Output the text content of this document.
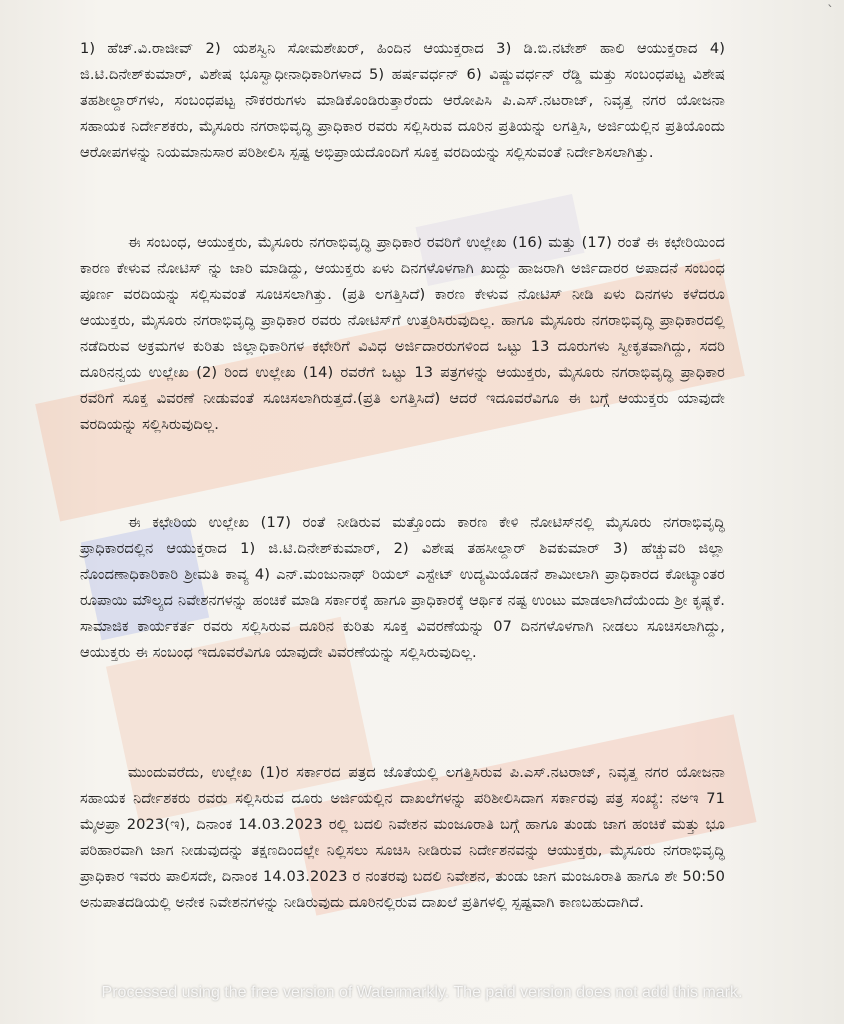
ˋ
1) ಹೆಚ್.ವಿ.ರಾಜೀವ್ 2) ಯಶಸ್ವಿನಿ ಸೋಮಶೇಖರ್, ಹಿಂದಿನ ಆಯುಕ್ತರಾದ 3) ಡಿ.ಬಿ.ನಟೇಶ್ ಹಾಲಿ ಆಯುಕ್ತರಾದ 4) ಜಿ.ಟಿ.ದಿನೇಶ್‌ಕುಮಾರ್, ವಿಶೇಷ ಭೂಸ್ವಾಧೀನಾಧಿಕಾರಿಗಳಾದ 5) ಹರ್ಷವರ್ಧನ್ 6) ವಿಷ್ಣುವರ್ಧನ್ ರೆಡ್ಡಿ ಮತ್ತು ಸಂಬಂಧಪಟ್ಟ ವಿಶೇಷ ತಹಶೀಲ್ದಾರ್‌ಗಳು, ಸಂಬಂಧಪಟ್ಟ ನೌಕರರುಗಳು ಮಾಡಿಕೊಂಡಿರುತ್ತಾರೆಂದು ಆರೋಪಿಸಿ ಪಿ.ಎಸ್.ನಟರಾಜ್, ನಿವೃತ್ತ ನಗರ ಯೋಜನಾ ಸಹಾಯಕ ನಿರ್ದೇಶಕರು, ಮೈಸೂರು ನಗರಾಭಿವೃದ್ಧಿ ಪ್ರಾಧಿಕಾರ ರವರು ಸಲ್ಲಿಸಿರುವ ದೂರಿನ ಪ್ರತಿಯನ್ನು ಲಗತ್ತಿಸಿ, ಅರ್ಜಿಯಲ್ಲಿನ ಪ್ರತಿಯೊಂದು ಆರೋಪಗಳನ್ನು ನಿಯಮಾನುಸಾರ ಪರಿಶೀಲಿಸಿ ಸ್ಪಷ್ಟ ಅಭಿಪ್ರಾಯದೊಂದಿಗೆ ಸೂಕ್ತ ವರದಿಯನ್ನು ಸಲ್ಲಿಸುವಂತೆ ನಿರ್ದೇಶಿಸಲಾಗಿತ್ತು.
ಈ ಸಂಬಂಧ, ಆಯುಕ್ತರು, ಮೈಸೂರು ನಗರಾಭಿವೃದ್ಧಿ ಪ್ರಾಧಿಕಾರ ರವರಿಗೆ ಉಲ್ಲೇಖ (16) ಮತ್ತು (17) ರಂತೆ ಈ ಕಛೇರಿಯಿಂದ ಕಾರಣ ಕೇಳುವ ನೋಟಿಸ್ ನ್ನು ಜಾರಿ ಮಾಡಿದ್ದು, ಆಯುಕ್ತರು ಏಳು ದಿನಗಳೊಳಗಾಗಿ ಖುದ್ದು ಹಾಜರಾಗಿ ಅರ್ಜಿದಾರರ ಅಪಾದನೆ ಸಂಬಂಧ ಪೂರ್ಣ ವರದಿಯನ್ನು ಸಲ್ಲಿಸುವಂತೆ ಸೂಚಿಸಲಾಗಿತ್ತು. (ಪ್ರತಿ ಲಗತ್ತಿಸಿದೆ) ಕಾರಣ ಕೇಳುವ ನೋಟಿಸ್ ನೀಡಿ ಏಳು ದಿನಗಳು ಕಳೆದರೂ ಆಯುಕ್ತರು, ಮೈಸೂರು ನಗರಾಭಿವೃದ್ಧಿ ಪ್ರಾಧಿಕಾರ ರವರು ನೋಟಿಸ್‌ಗೆ ಉತ್ತರಿಸಿರುವುದಿಲ್ಲ. ಹಾಗೂ ಮೈಸೂರು ನಗರಾಭಿವೃದ್ಧಿ ಪ್ರಾಧಿಕಾರದಲ್ಲಿ ನಡೆದಿರುವ ಅಕ್ರಮಗಳ ಕುರಿತು ಜಿಲ್ಲಾಧಿಕಾರಿಗಳ ಕಛೇರಿಗೆ ವಿವಿಧ ಅರ್ಜಿದಾರರುಗಳಿಂದ ಒಟ್ಟು 13 ದೂರುಗಳು ಸ್ವೀಕೃತವಾಗಿದ್ದು, ಸದರಿ ದೂರಿನನ್ವಯ ಉಲ್ಲೇಖ (2) ರಿಂದ ಉಲ್ಲೇಖ (14) ರವರೆಗೆ ಒಟ್ಟು 13 ಪತ್ರಗಳನ್ನು ಆಯುಕ್ತರು, ಮೈಸೂರು ನಗರಾಭಿವೃದ್ಧಿ ಪ್ರಾಧಿಕಾರ ರವರಿಗೆ ಸೂಕ್ತ ವಿವರಣೆ ನೀಡುವಂತೆ ಸೂಚಿಸಲಾಗಿರುತ್ತದೆ.(ಪ್ರತಿ ಲಗತ್ತಿಸಿದೆ) ಆದರೆ ಇದೂವರೆವಿಗೂ ಈ ಬಗ್ಗೆ ಆಯುಕ್ತರು ಯಾವುದೇ ವರದಿಯನ್ನು ಸಲ್ಲಿಸಿರುವುದಿಲ್ಲ.
ಈ ಕಛೇರಿಯ ಉಲ್ಲೇಖ (17) ರಂತೆ ನೀಡಿರುವ ಮತ್ತೊಂದು ಕಾರಣ ಕೇಳಿ ನೋಟಿಸ್‌ನಲ್ಲಿ ಮೈಸೂರು ನಗರಾಭಿವೃದ್ಧಿ ಪ್ರಾಧಿಕಾರದಲ್ಲಿನ ಆಯುಕ್ತರಾದ 1) ಜಿ.ಟಿ.ದಿನೇಶ್‌ಕುಮಾರ್, 2) ವಿಶೇಷ ತಹಸೀಲ್ದಾರ್ ಶಿವಕುಮಾರ್ 3) ಹೆಚ್ಚುವರಿ ಜಿಲ್ಲಾ ನೊಂದಣಾಧಿಕಾರಿಕಾರಿ ಶ್ರೀಮತಿ ಕಾವ್ಯ 4) ಎನ್.ಮಂಜುನಾಥ್ ರಿಯಲ್ ಎಸ್ಟೇಟ್ ಉದ್ಯಮಿಯೊಡನೆ ಶಾಮೀಲಾಗಿ ಪ್ರಾಧಿಕಾರದ ಕೋಟ್ಯಾಂತರ ರೂಪಾಯಿ ಮೌಲ್ಯದ ನಿವೇಶನಗಳನ್ನು ಹಂಚಿಕೆ ಮಾಡಿ ಸರ್ಕಾರಕ್ಕೆ ಹಾಗೂ ಪ್ರಾಧಿಕಾರಕ್ಕೆ ಆರ್ಥಿಕ ನಷ್ಟ ಉಂಟು ಮಾಡಲಾಗಿದೆಯೆಂದು ಶ್ರೀ ಕೃಷ್ಣಕೆ. ಸಾಮಾಜಿಕ ಕಾರ್ಯಕರ್ತ ರವರು ಸಲ್ಲಿಸಿರುವ ದೂರಿನ ಕುರಿತು ಸೂಕ್ತ ವಿವರಣೆಯನ್ನು 07 ದಿನಗಳೊಳಗಾಗಿ ನೀಡಲು ಸೂಚಿಸಲಾಗಿದ್ದು, ಆಯುಕ್ತರು ಈ ಸಂಬಂಧ ಇದೂವರೆವಿಗೂ ಯಾವುದೇ ವಿವರಣೆಯನ್ನು ಸಲ್ಲಿಸಿರುವುದಿಲ್ಲ.
ಮುಂದುವರೆದು, ಉಲ್ಲೇಖ (1)ರ ಸರ್ಕಾರದ ಪತ್ರದ ಜೊತೆಯಲ್ಲಿ ಲಗತ್ತಿಸಿರುವ ಪಿ.ಎಸ್.ನಟರಾಜ್, ನಿವೃತ್ತ ನಗರ ಯೋಜನಾ ಸಹಾಯಕ ನಿರ್ದೇಶಕರು ರವರು ಸಲ್ಲಿಸಿರುವ ದೂರು ಅರ್ಜಿಯಲ್ಲಿನ ದಾಖಲೆಗಳನ್ನು ಪರಿಶೀಲಿಸಿದಾಗ ಸರ್ಕಾರವು ಪತ್ರ ಸಂಖ್ಯೆ: ನಅಇ 71 ಮೈಅಪ್ರಾ 2023(ಇ), ದಿನಾಂಕ 14.03.2023 ರಲ್ಲಿ ಬದಲಿ ನಿವೇಶನ ಮಂಜೂರಾತಿ ಬಗ್ಗೆ ಹಾಗೂ ತುಂಡು ಜಾಗ ಹಂಚಿಕೆ ಮತ್ತು ಭೂ ಪರಿಹಾರವಾಗಿ ಜಾಗ ನೀಡುವುದನ್ನು ತಕ್ಷಣದಿಂದಲ್ಲೇ ನಿಲ್ಲಿಸಲು ಸೂಚಿಸಿ ನೀಡಿರುವ ನಿರ್ದೇಶನವನ್ನು ಆಯುಕ್ತರು, ಮೈಸೂರು ನಗರಾಭಿವೃದ್ಧಿ ಪ್ರಾಧಿಕಾರ ಇವರು ಪಾಲಿಸದೇ, ದಿನಾಂಕ 14.03.2023 ರ ನಂತರವು ಬದಲಿ ನಿವೇಶನ, ತುಂಡು ಜಾಗ ಮಂಜೂರಾತಿ ಹಾಗೂ ಶೇ 50:50 ಅನುಪಾತದಡಿಯಲ್ಲಿ ಅನೇಕ ನಿವೇಶನಗಳನ್ನು ನೀಡಿರುವುದು ದೂರಿನಲ್ಲಿರುವ ದಾಖಲೆ ಪ್ರತಿಗಳಲ್ಲಿ ಸ್ಪಷ್ಟವಾಗಿ ಕಾಣಬಹುದಾಗಿದೆ.
Processed using the free version of Watermarkly. The paid version does not add this mark.
